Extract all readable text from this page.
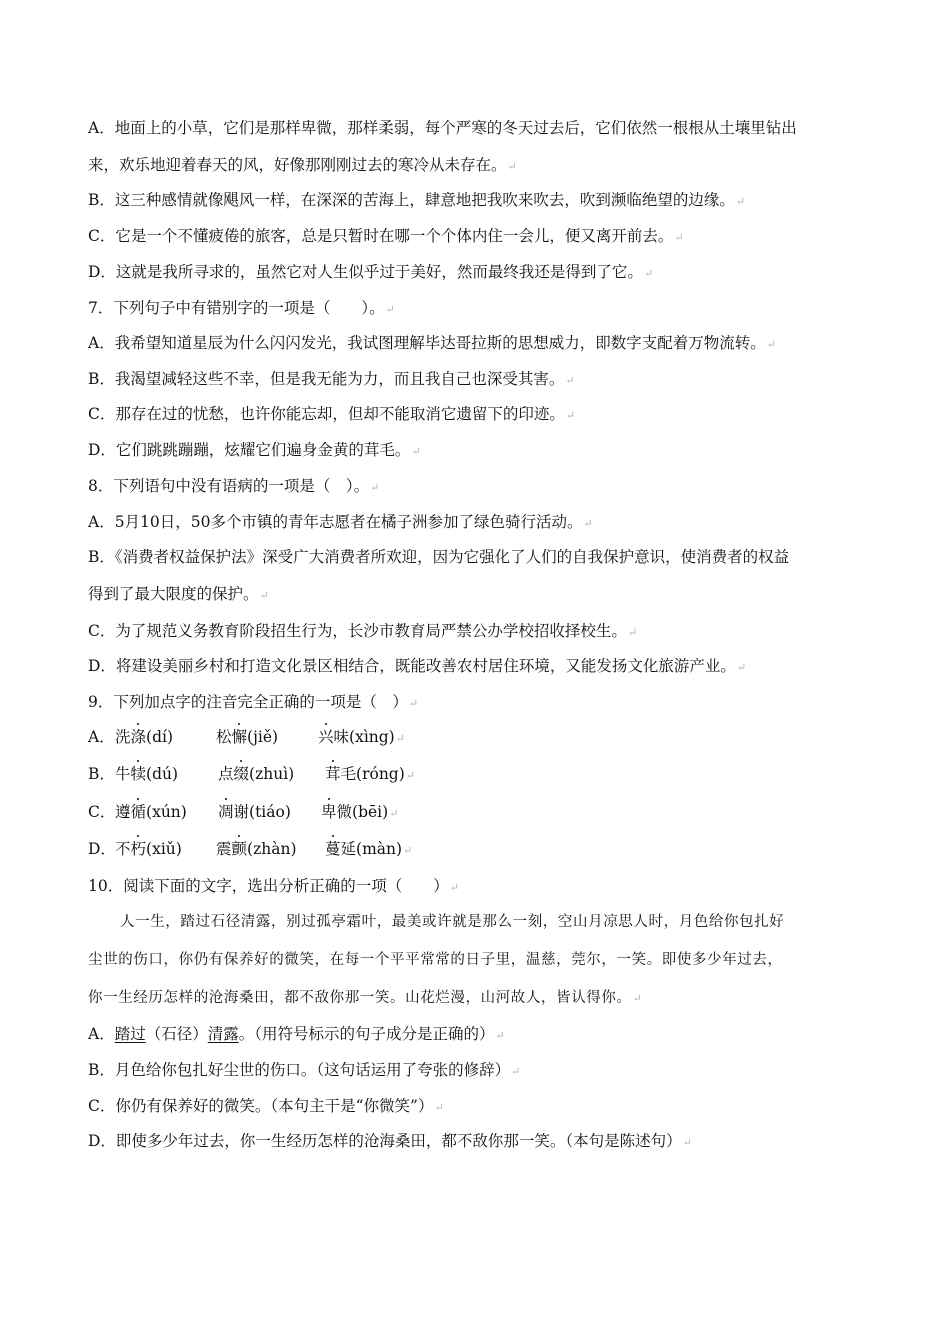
A．地面上的小草，它们是那样卑微，那样柔弱，每个严寒的冬天过去后，它们依然一根根从土壤里钻出
来，欢乐地迎着春天的风，好像那刚刚过去的寒冷从未存在。↵
B．这三种感情就像飓风一样，在深深的苦海上，肆意地把我吹来吹去，吹到濒临绝望的边缘。↵
C．它是一个不懂疲倦的旅客，总是只暂时在哪一个个体内住一会儿，便又离开前去。↵
D．这就是我所寻求的，虽然它对人生似乎过于美好，然而最终我还是得到了它。↵
7．下列句子中有错别字的一项是（　　）。↵
A．我希望知道星辰为什么闪闪发光，我试图理解毕达哥拉斯的思想威力，即数字支配着万物流转。↵
B．我渴望减轻这些不幸，但是我无能为力，而且我自己也深受其害。↵
C．那存在过的忧愁，也许你能忘却，但却不能取消它遗留下的印迹。↵
D．它们跳跳蹦蹦，炫耀它们遍身金黄的茸毛。↵
8．下列语句中没有语病的一项是（　）。↵
A．5月10日，50多个市镇的青年志愿者在橘子洲参加了绿色骑行活动。↵
B．《消费者权益保护法》深受广大消费者所欢迎，因为它强化了人们的自我保护意识，使消费者的权益
得到了最大限度的保护。↵
C．为了规范义务教育阶段招生行为，长沙市教育局严禁公办学校招收择校生。↵
D．将建设美丽乡村和打造文化景区相结合，既能改善农村居住环境，又能发扬文化旅游产业。↵
9．下列加点字的注音完全正确的一项是（　）↵
A． 洗涤(dí)	松懈(jiě)	兴味(xìng)↵
B． 牛犊(dú)	点缀(zhuì) 茸毛(róng)↵
C． 遵循(xún) 凋谢(tiáo) 卑微(bēi)↵
D． 不朽(xiǔ) 震颤(zhàn) 蔓延(màn)↵
10．阅读下面的文字，选出分析正确的一项（　　）↵
人一生，踏过石径清露，别过孤亭霜叶，最美或许就是那么一刻，空山月凉思人时，月色给你包扎好
尘世的伤口，你仍有保养好的微笑，在每一个平平常常的日子里，温慈，莞尔，一笑。即使多少年过去，
你一生经历怎样的沧海桑田，都不敌你那一笑。山花烂漫，山河故人，皆认得你。↵
A．踏过（石径）清露。（用符号标示的句子成分是正确的）↵
B．月色给你包扎好尘世的伤口。（这句话运用了夸张的修辞）↵
C．你仍有保养好的微笑。（本句主干是“你微笑”）↵
D．即使多少年过去，你一生经历怎样的沧海桑田，都不敌你那一笑。（本句是陈述句）↵
